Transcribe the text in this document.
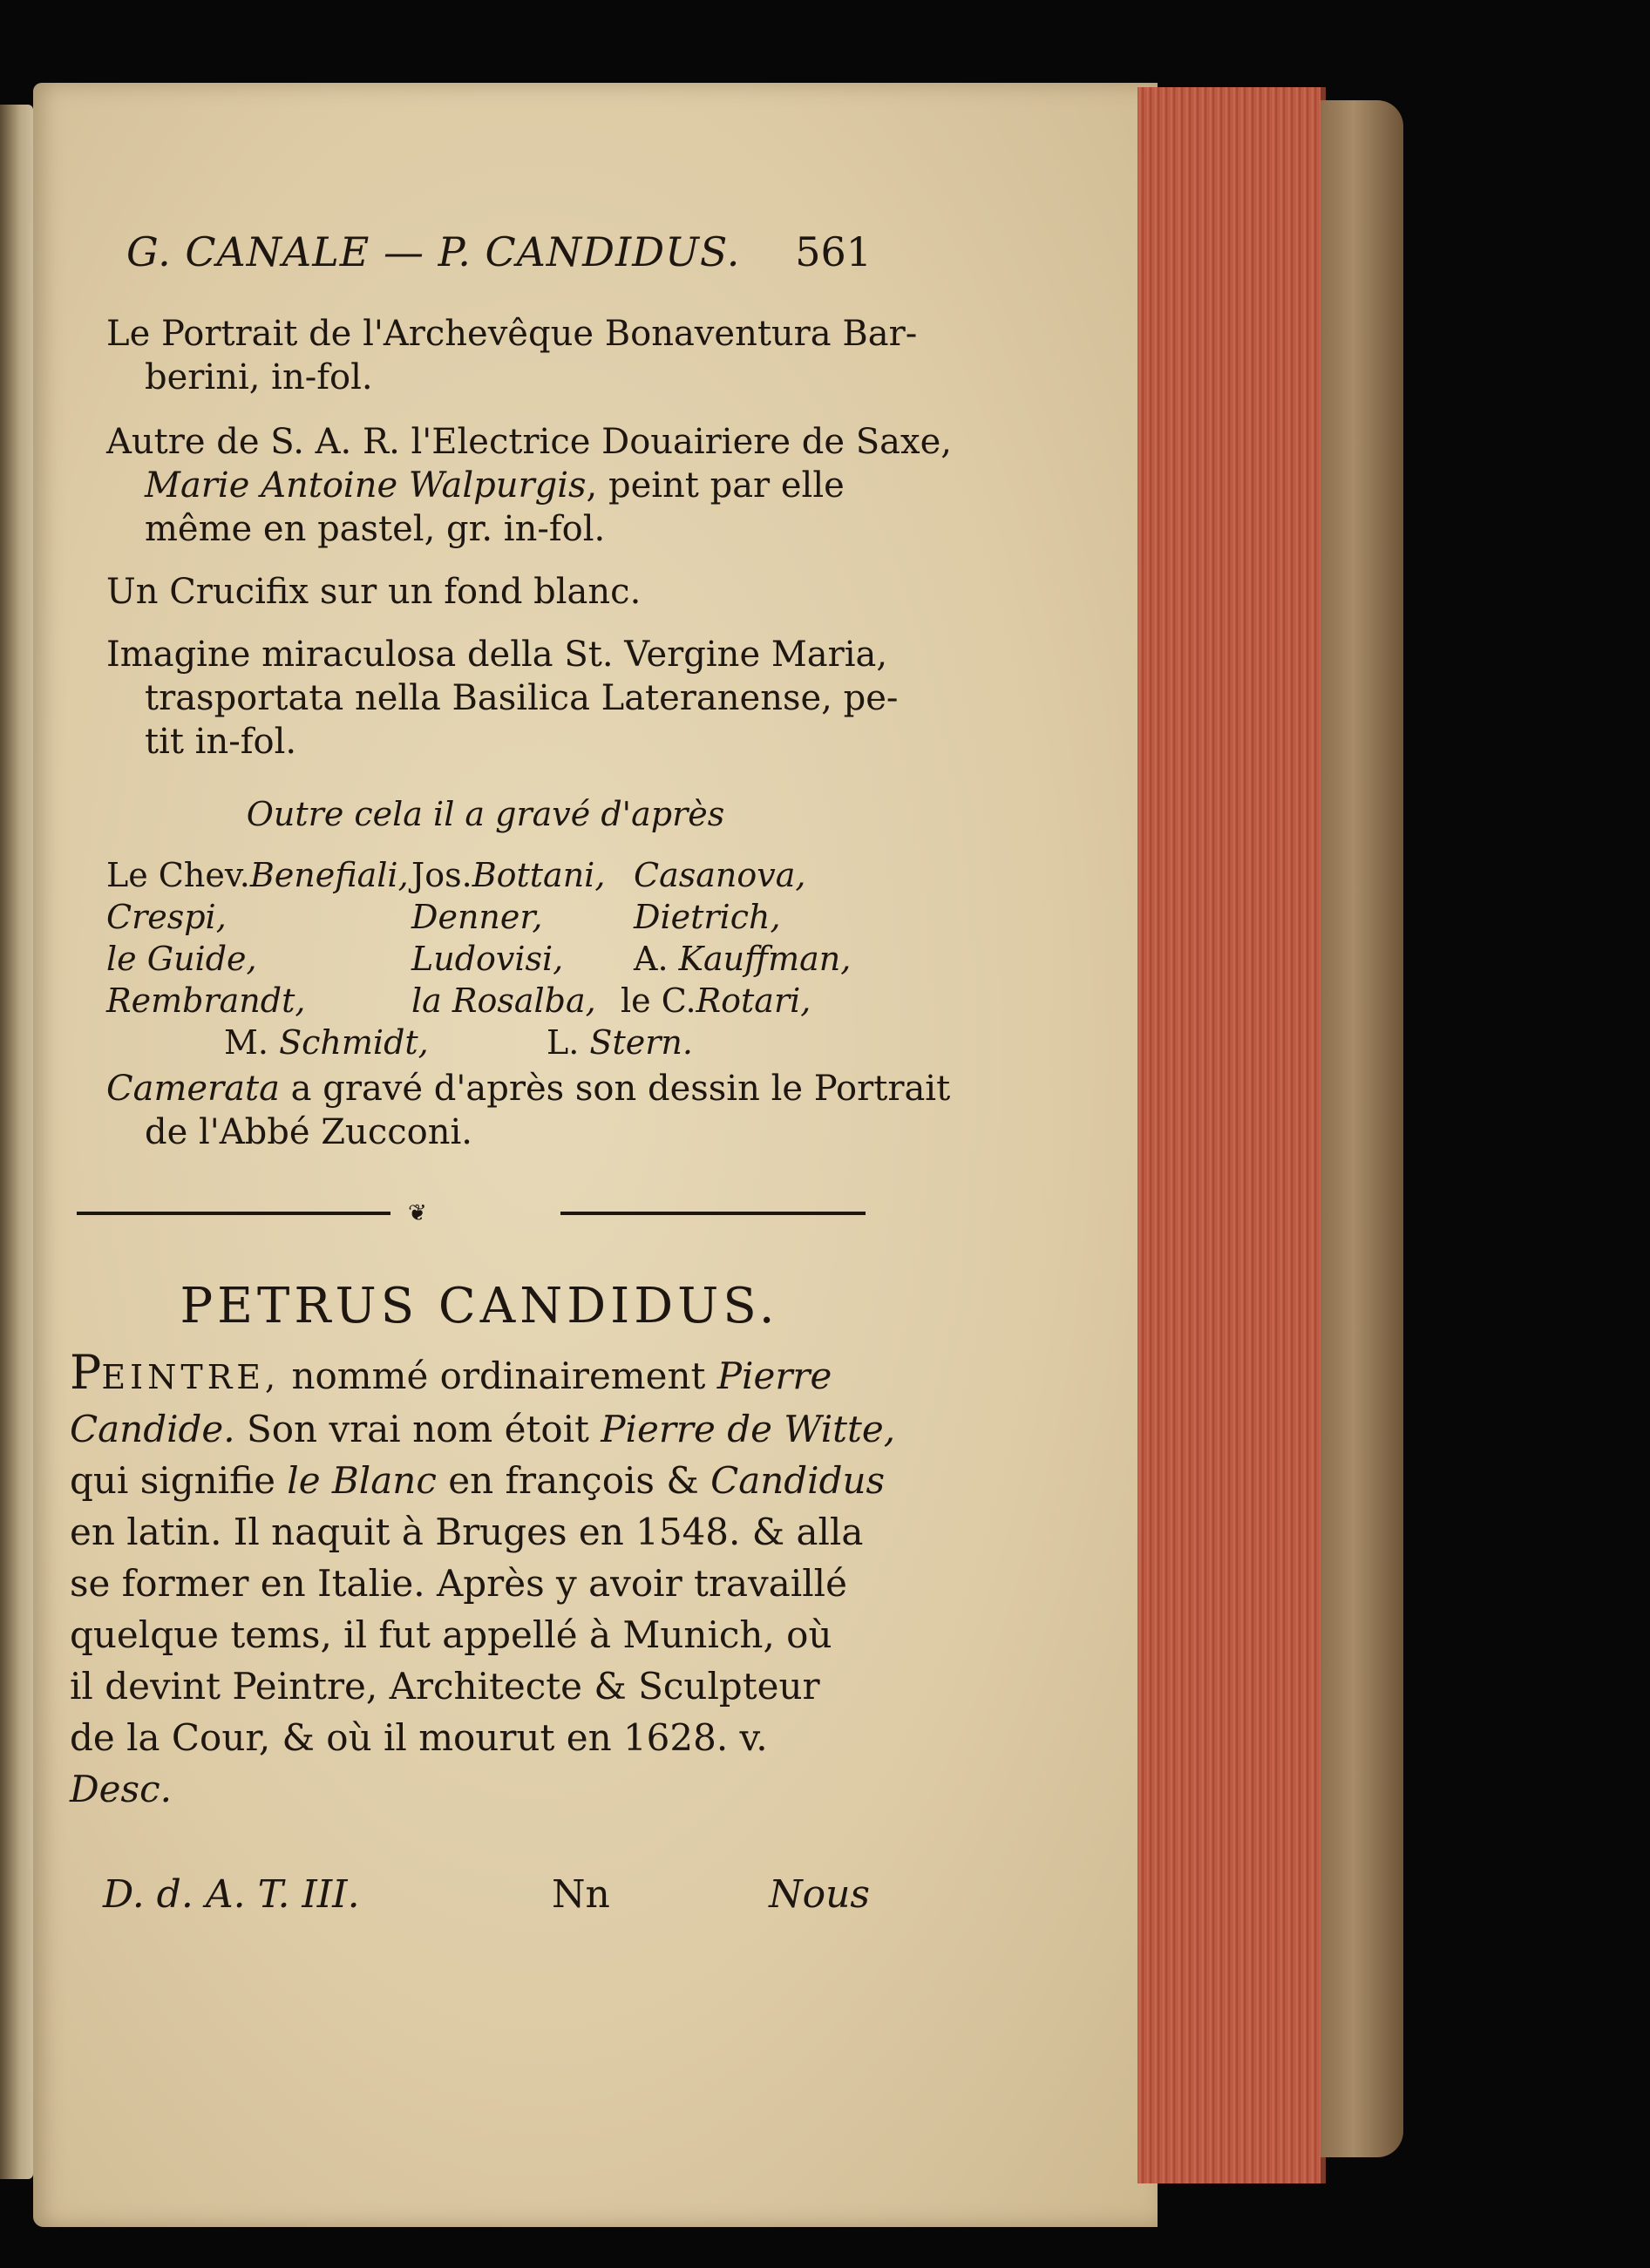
G. CANALE — P. CANDIDUS. 561
Le Portrait de l'Archevêque Bonaventura Bar-
berini, in-fol.
Autre de S. A. R. l'Electrice Douairiere de Saxe,
Marie Antoine Walpurgis, peint par elle
même en pastel, gr. in-fol.
Un Crucifix sur un fond blanc.
Imagine miraculosa della St. Vergine Maria,
trasportata nella Basilica Lateranense, pe-
tit in-fol.
Outre cela il a gravé d'après
Le Chev.Benefiali, Jos.Bottani, Casanova,
Crespi,	Denner,	Dietrich,
le Guide,	Ludovisi, A. Kauffman,
Rembrandt,	la Rosalba, le C.Rotari,
M. Schmidt,	L. Stern.
Camerata a gravé d'après son dessin le Portrait
de l'Abbé Zucconi.
❦
PETRUS CANDIDUS.
PEINTRE, nommé ordinairement Pierre
Candide. Son vrai nom étoit Pierre de Witte,
qui signifie le Blanc en françois & Candidus
en latin. Il naquit à Bruges en 1548. & alla
se former en Italie. Après y avoir travaillé
quelque tems, il fut appellé à Munich, où
il devint Peintre, Architecte & Sculpteur
de la Cour, & où il mourut en 1628. v.
Desc.
D. d. A. T. III.	Nn	Nous
